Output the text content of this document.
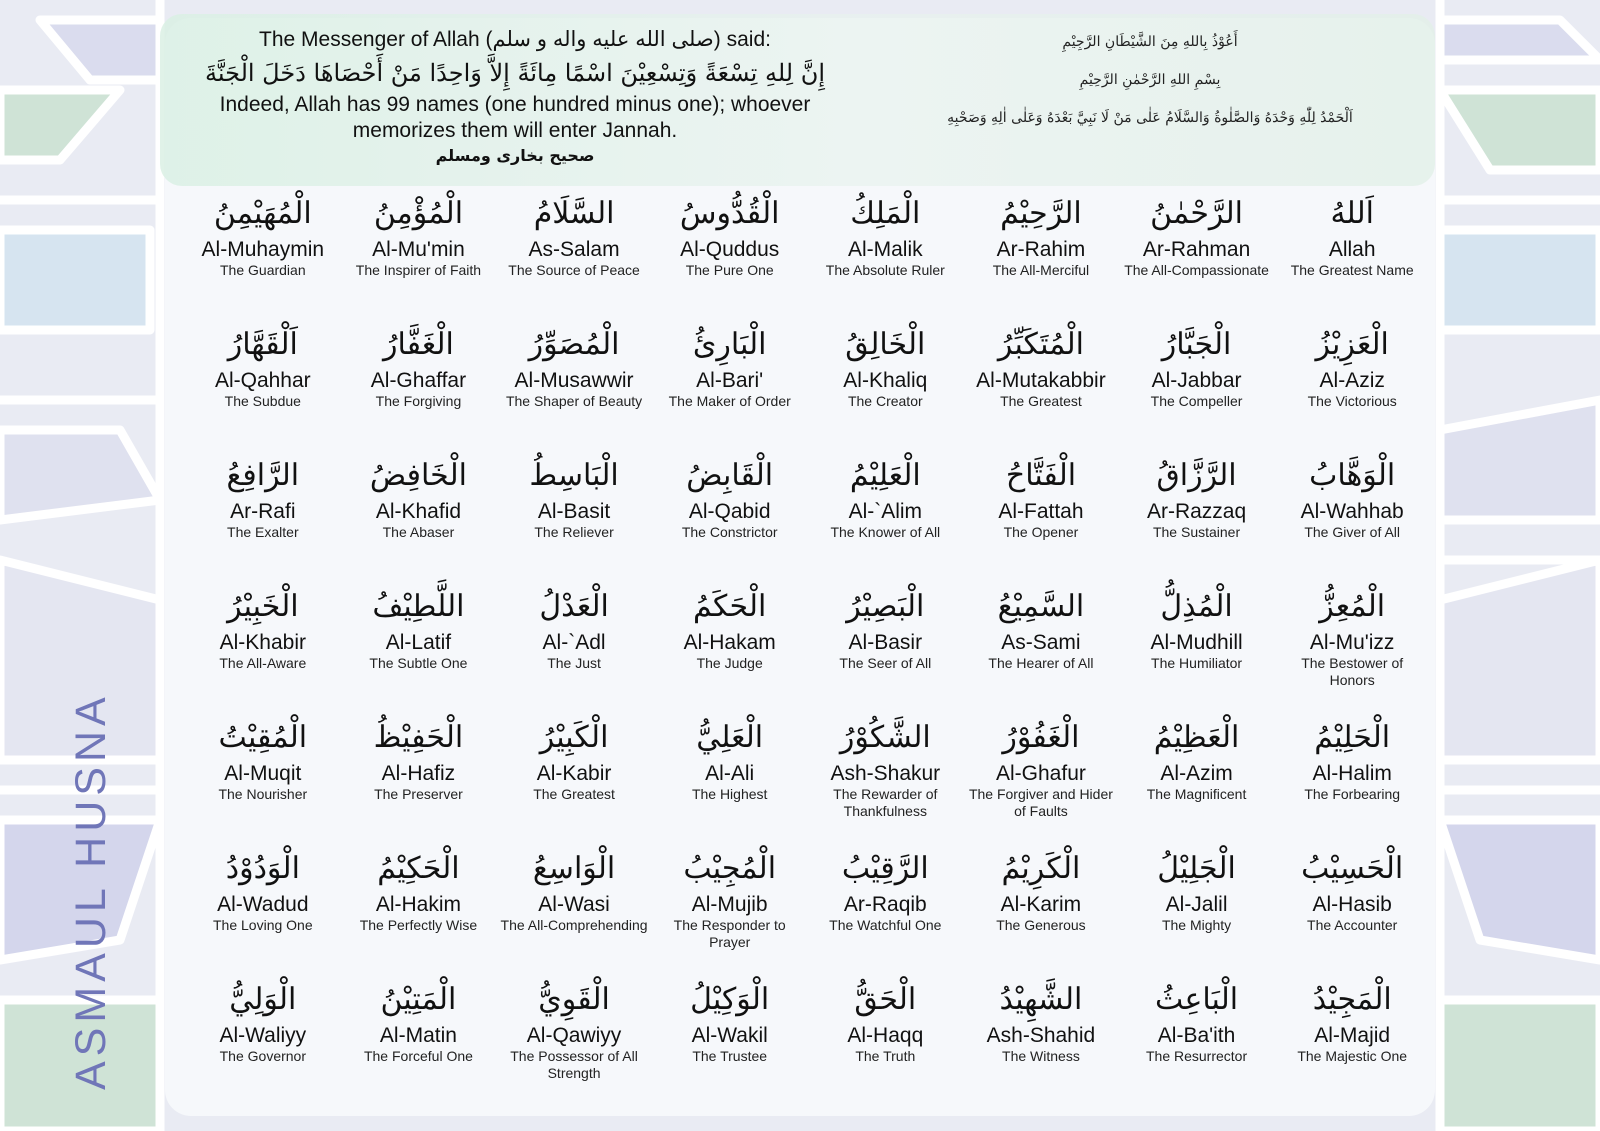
The Messenger of Allah (صلى الله عليه واله و سلم) said:
إِنَّ لِلهِ تِسْعَةً وَتِسْعِيْنَ اسْمًا مِائَةً إِلاَّ وَاحِدًا مَنْ أَحْصَاهَا دَخَلَ الْجَنَّةَ
Indeed, Allah has 99 names (one hundred minus one); whoever memorizes them will enter Jannah.
صحيح بخارى ومسلم
أَعُوْذُ بِاللهِ مِنَ الشَّيْطَانِ الرَّجِيْمِ
بِسْمِ اللهِ الرَّحْمٰنِ الرَّحِيْمِ
اَلْحَمْدُ لِلّٰهِ وَحْدَهُ وَالصَّلٰوةُ وَالسَّلَامُ عَلٰى مَنْ لَا نَبِيَّ بَعْدَهُ وَعَلٰى اٰلِهِ وَصَحْبِهِ
ASMAUL HUSNA
الْمُهَيْمِنُ
Al-Muhaymin
The Guardian
الْمُؤْمِنُ
Al-Mu'min
The Inspirer of Faith
السَّلَامُ
As-Salam
The Source of Peace
الْقُدُّوسُ
Al-Quddus
The Pure One
الْمَلِكُ
Al-Malik
The Absolute Ruler
الرَّحِيْمُ
Ar-Rahim
The All-Merciful
الرَّحْمٰنُ
Ar-Rahman
The All-Compassionate
اَللهُ
Allah
The Greatest Name
اَلْقَهَّارُ
Al-Qahhar
The Subdue
الْغَفَّارُ
Al-Ghaffar
The Forgiving
الْمُصَوِّرُ
Al-Musawwir
The Shaper of Beauty
الْبَارِئُ
Al-Bari'
The Maker of Order
الْخَالِقُ
Al-Khaliq
The Creator
الْمُتَكَبِّرُ
Al-Mutakabbir
The Greatest
الْجَبَّارُ
Al-Jabbar
The Compeller
الْعَزِيْزُ
Al-Aziz
The Victorious
الرَّافِعُ
Ar-Rafi
The Exalter
الْخَافِضُ
Al-Khafid
The Abaser
الْبَاسِطُ
Al-Basit
The Reliever
الْقَابِضُ
Al-Qabid
The Constrictor
الْعَلِيْمُ
Al-`Alim
The Knower of All
الْفَتَّاحُ
Al-Fattah
The Opener
الرَّزَّاقُ
Ar-Razzaq
The Sustainer
الْوَهَّابُ
Al-Wahhab
The Giver of All
الْخَبِيْرُ
Al-Khabir
The All-Aware
اللَّطِيْفُ
Al-Latif
The Subtle One
الْعَدْلُ
Al-`Adl
The Just
الْحَكَمُ
Al-Hakam
The Judge
الْبَصِيْرُ
Al-Basir
The Seer of All
السَّمِيْعُ
As-Sami
The Hearer of All
الْمُذِلُّ
Al-Mudhill
The Humiliator
الْمُعِزُّ
Al-Mu'izz
The Bestower of Honors
الْمُقِيْتُ
Al-Muqit
The Nourisher
الْحَفِيْظُ
Al-Hafiz
The Preserver
الْكَبِيْرُ
Al-Kabir
The Greatest
الْعَلِيُّ
Al-Ali
The Highest
الشَّكُوْرُ
Ash-Shakur
The Rewarder of Thankfulness
الْغَفُوْرُ
Al-Ghafur
The Forgiver and Hider of Faults
الْعَظِيْمُ
Al-Azim
The Magnificent
الْحَلِيْمُ
Al-Halim
The Forbearing
الْوَدُوْدُ
Al-Wadud
The Loving One
الْحَكِيْمُ
Al-Hakim
The Perfectly Wise
الْوَاسِعُ
Al-Wasi
The All-Comprehending
الْمُجِيْبُ
Al-Mujib
The Responder to Prayer
الرَّقِيْبُ
Ar-Raqib
The Watchful One
الْكَرِيْمُ
Al-Karim
The Generous
الْجَلِيْلُ
Al-Jalil
The Mighty
الْحَسِيْبُ
Al-Hasib
The Accounter
الْوَلِيُّ
Al-Waliyy
The Governor
الْمَتِيْنُ
Al-Matin
The Forceful One
الْقَوِيُّ
Al-Qawiyy
The Possessor of All Strength
الْوَكِيْلُ
Al-Wakil
The Trustee
الْحَقُّ
Al-Haqq
The Truth
الشَّهِيْدُ
Ash-Shahid
The Witness
الْبَاعِثُ
Al-Ba'ith
The Resurrector
الْمَجِيْدُ
Al-Majid
The Majestic One
